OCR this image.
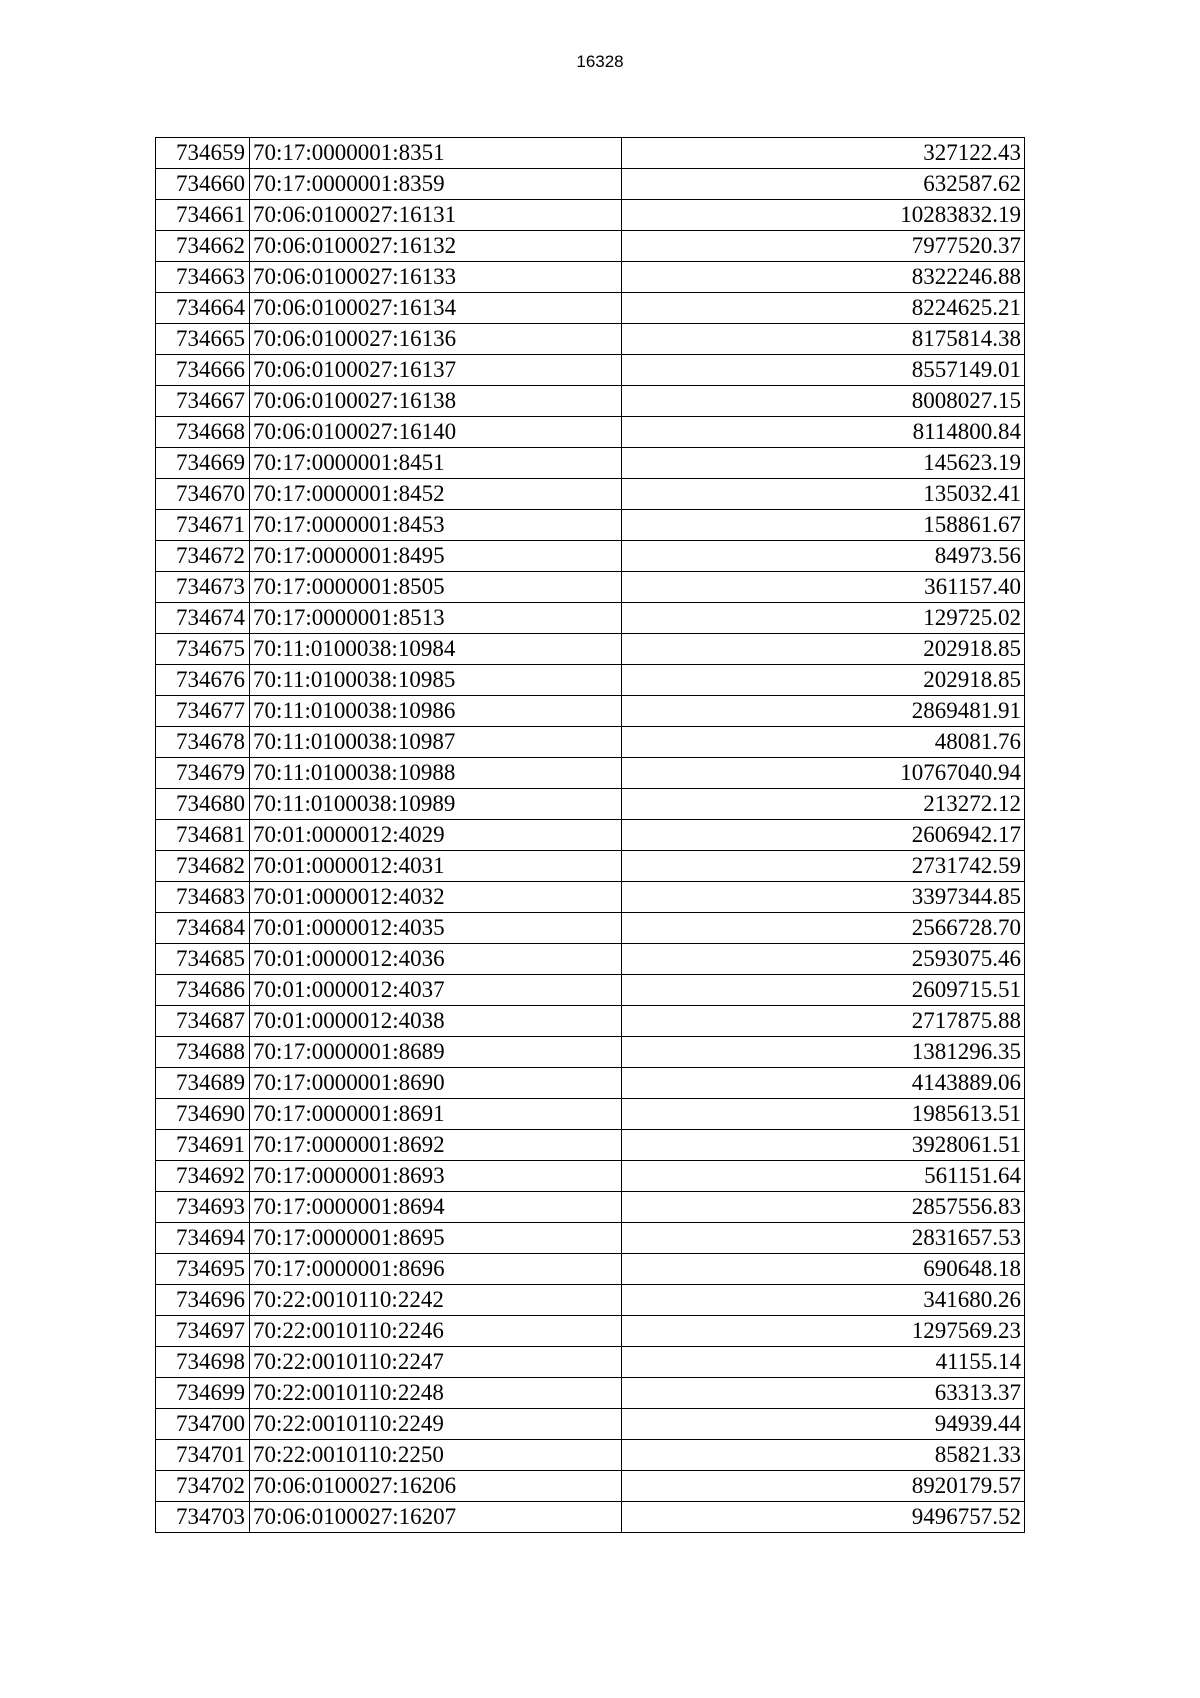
16328
734659	70:17:0000001:8351	327122.43
734660	70:17:0000001:8359	632587.62
734661	70:06:0100027:16131	10283832.19
734662	70:06:0100027:16132	7977520.37
734663	70:06:0100027:16133	8322246.88
734664	70:06:0100027:16134	8224625.21
734665	70:06:0100027:16136	8175814.38
734666	70:06:0100027:16137	8557149.01
734667	70:06:0100027:16138	8008027.15
734668	70:06:0100027:16140	8114800.84
734669	70:17:0000001:8451	145623.19
734670	70:17:0000001:8452	135032.41
734671	70:17:0000001:8453	158861.67
734672	70:17:0000001:8495	84973.56
734673	70:17:0000001:8505	361157.40
734674	70:17:0000001:8513	129725.02
734675	70:11:0100038:10984	202918.85
734676	70:11:0100038:10985	202918.85
734677	70:11:0100038:10986	2869481.91
734678	70:11:0100038:10987	48081.76
734679	70:11:0100038:10988	10767040.94
734680	70:11:0100038:10989	213272.12
734681	70:01:0000012:4029	2606942.17
734682	70:01:0000012:4031	2731742.59
734683	70:01:0000012:4032	3397344.85
734684	70:01:0000012:4035	2566728.70
734685	70:01:0000012:4036	2593075.46
734686	70:01:0000012:4037	2609715.51
734687	70:01:0000012:4038	2717875.88
734688	70:17:0000001:8689	1381296.35
734689	70:17:0000001:8690	4143889.06
734690	70:17:0000001:8691	1985613.51
734691	70:17:0000001:8692	3928061.51
734692	70:17:0000001:8693	561151.64
734693	70:17:0000001:8694	2857556.83
734694	70:17:0000001:8695	2831657.53
734695	70:17:0000001:8696	690648.18
734696	70:22:0010110:2242	341680.26
734697	70:22:0010110:2246	1297569.23
734698	70:22:0010110:2247	41155.14
734699	70:22:0010110:2248	63313.37
734700	70:22:0010110:2249	94939.44
734701	70:22:0010110:2250	85821.33
734702	70:06:0100027:16206	8920179.57
734703	70:06:0100027:16207	9496757.52
